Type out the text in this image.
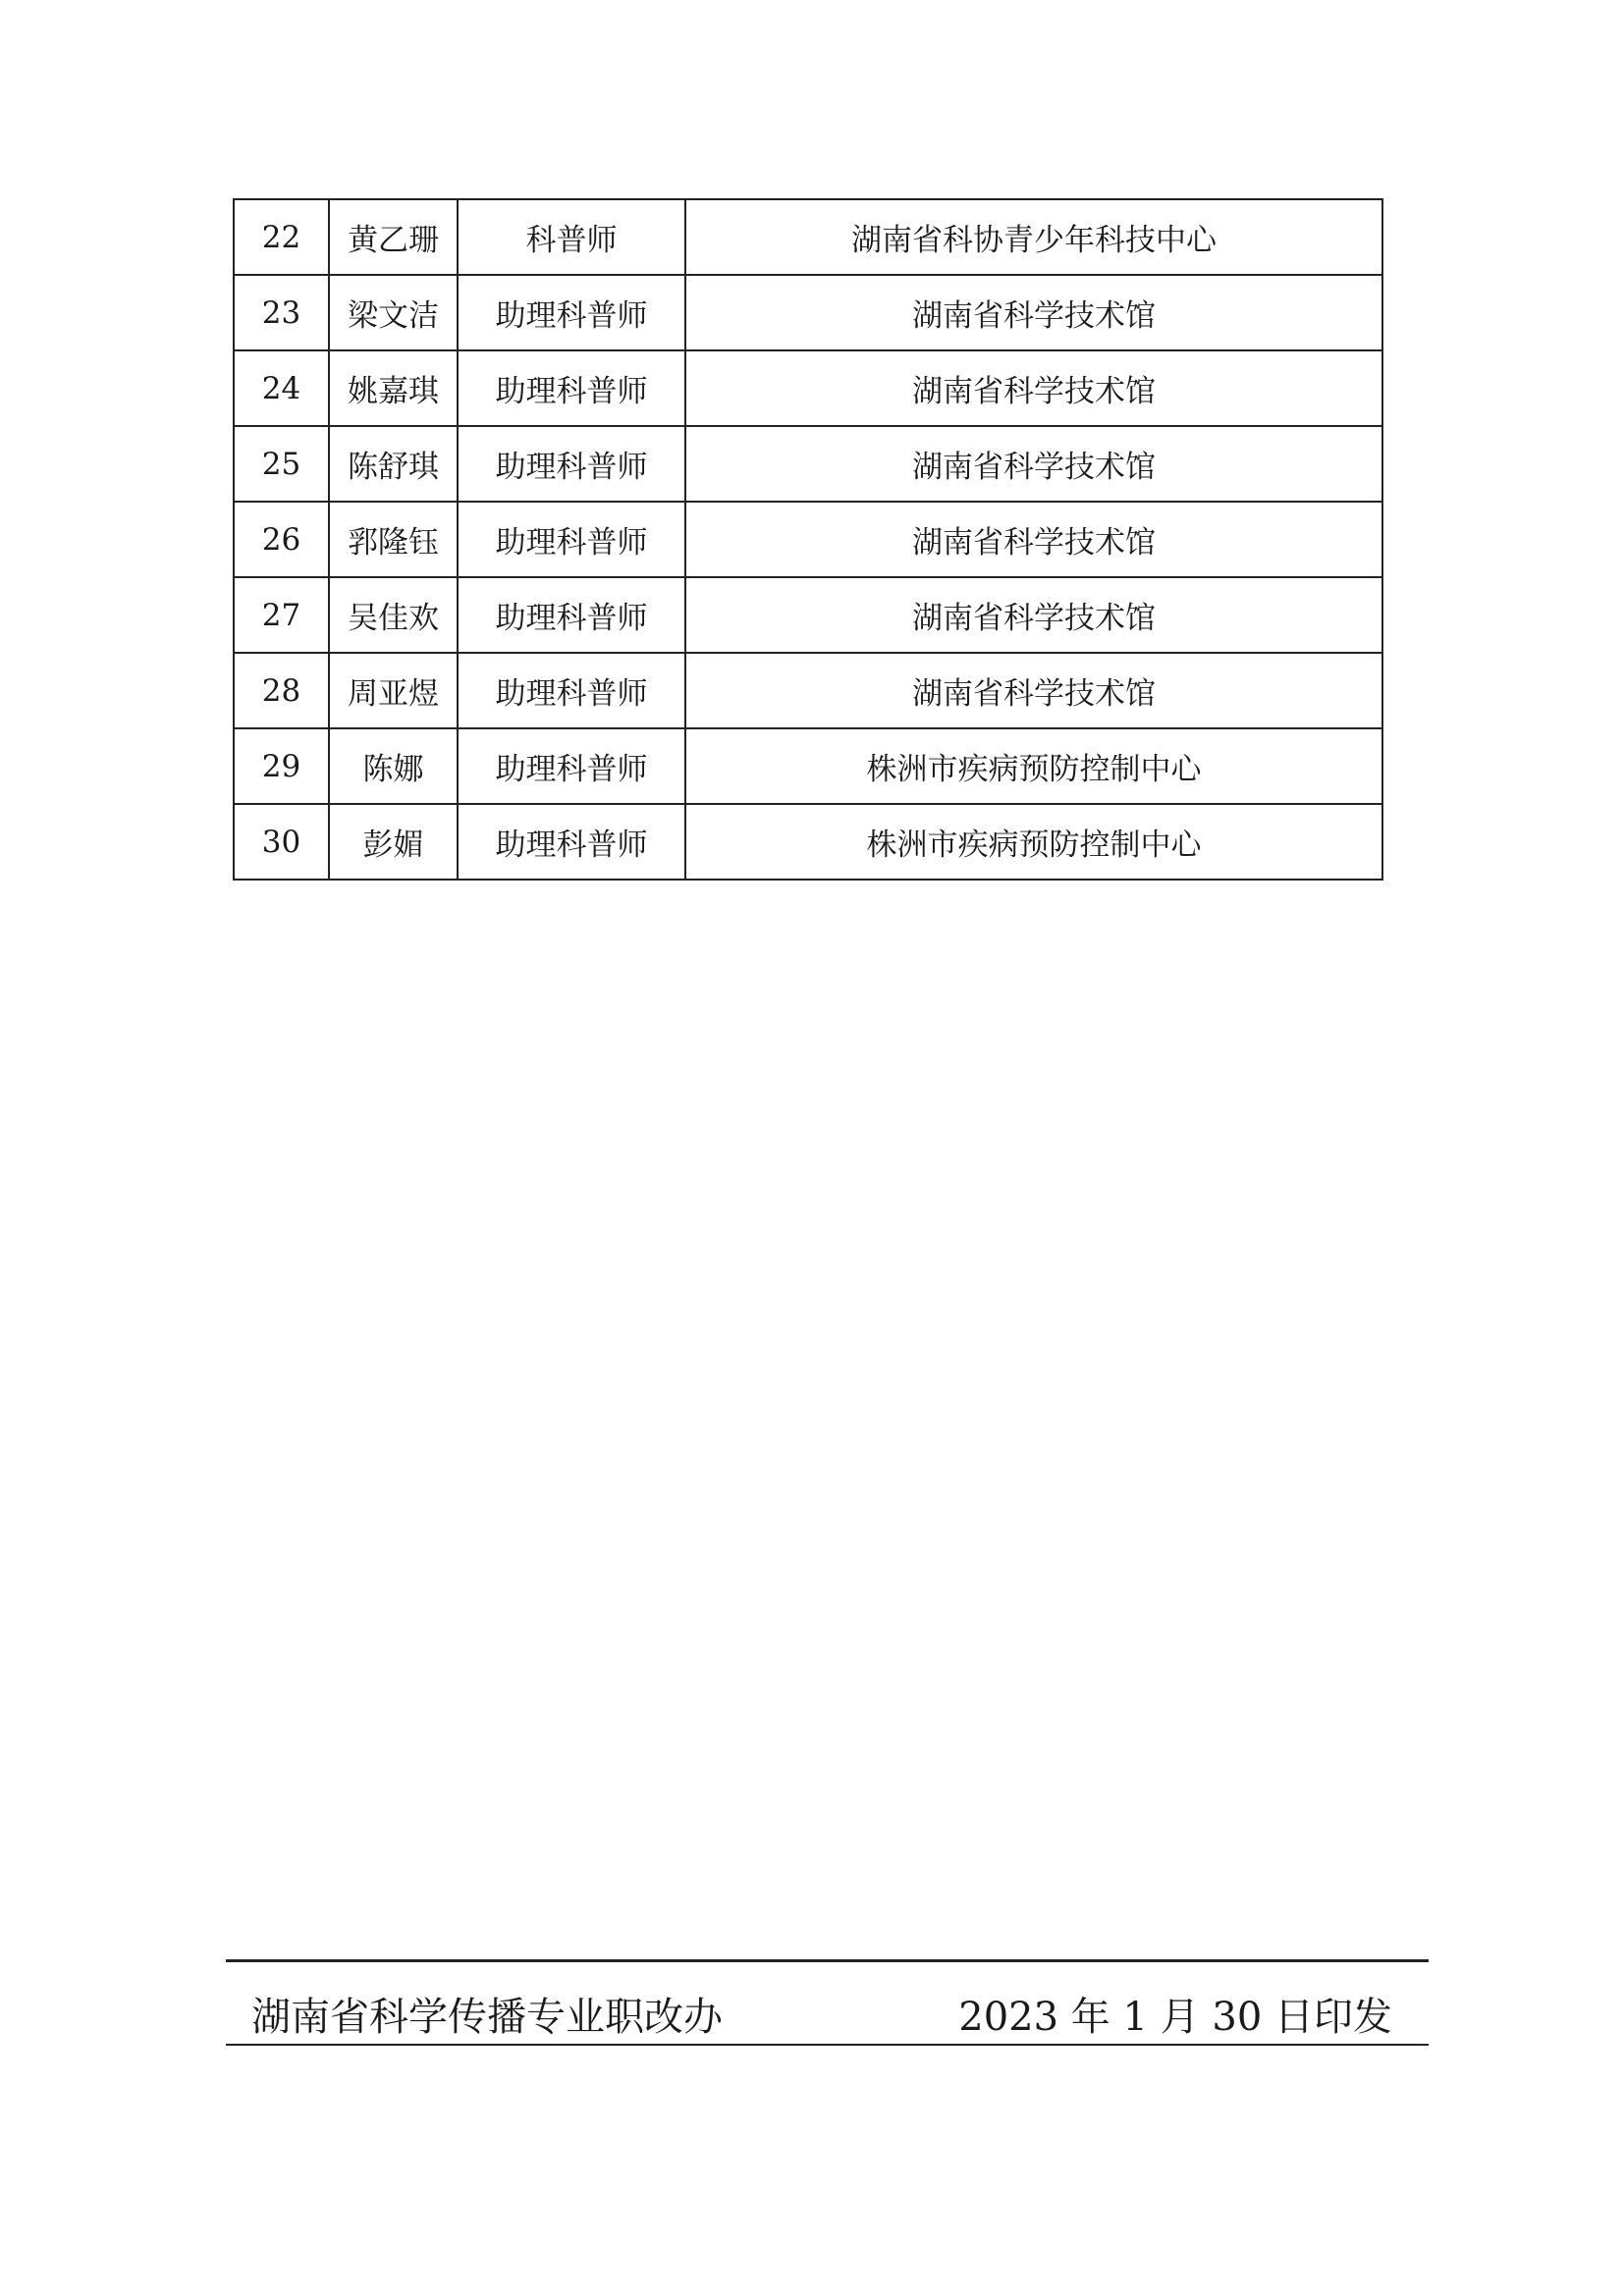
22	黄乙珊	科普师	湖南省科协青少年科技中心
23	梁文洁	助理科普师	湖南省科学技术馆
24	姚嘉琪	助理科普师	湖南省科学技术馆
25	陈舒琪	助理科普师	湖南省科学技术馆
26	郛隆钰	助理科普师	湖南省科学技术馆
27	吴佳欢	助理科普师	湖南省科学技术馆
28	周亚煜	助理科普师	湖南省科学技术馆
29	陈娜	助理科普师	株洲市疾病预防控制中心
30	彭媚	助理科普师	株洲市疾病预防控制中心
湖南省科学传播专业职改办	2023 年 1 月 30 日印发
